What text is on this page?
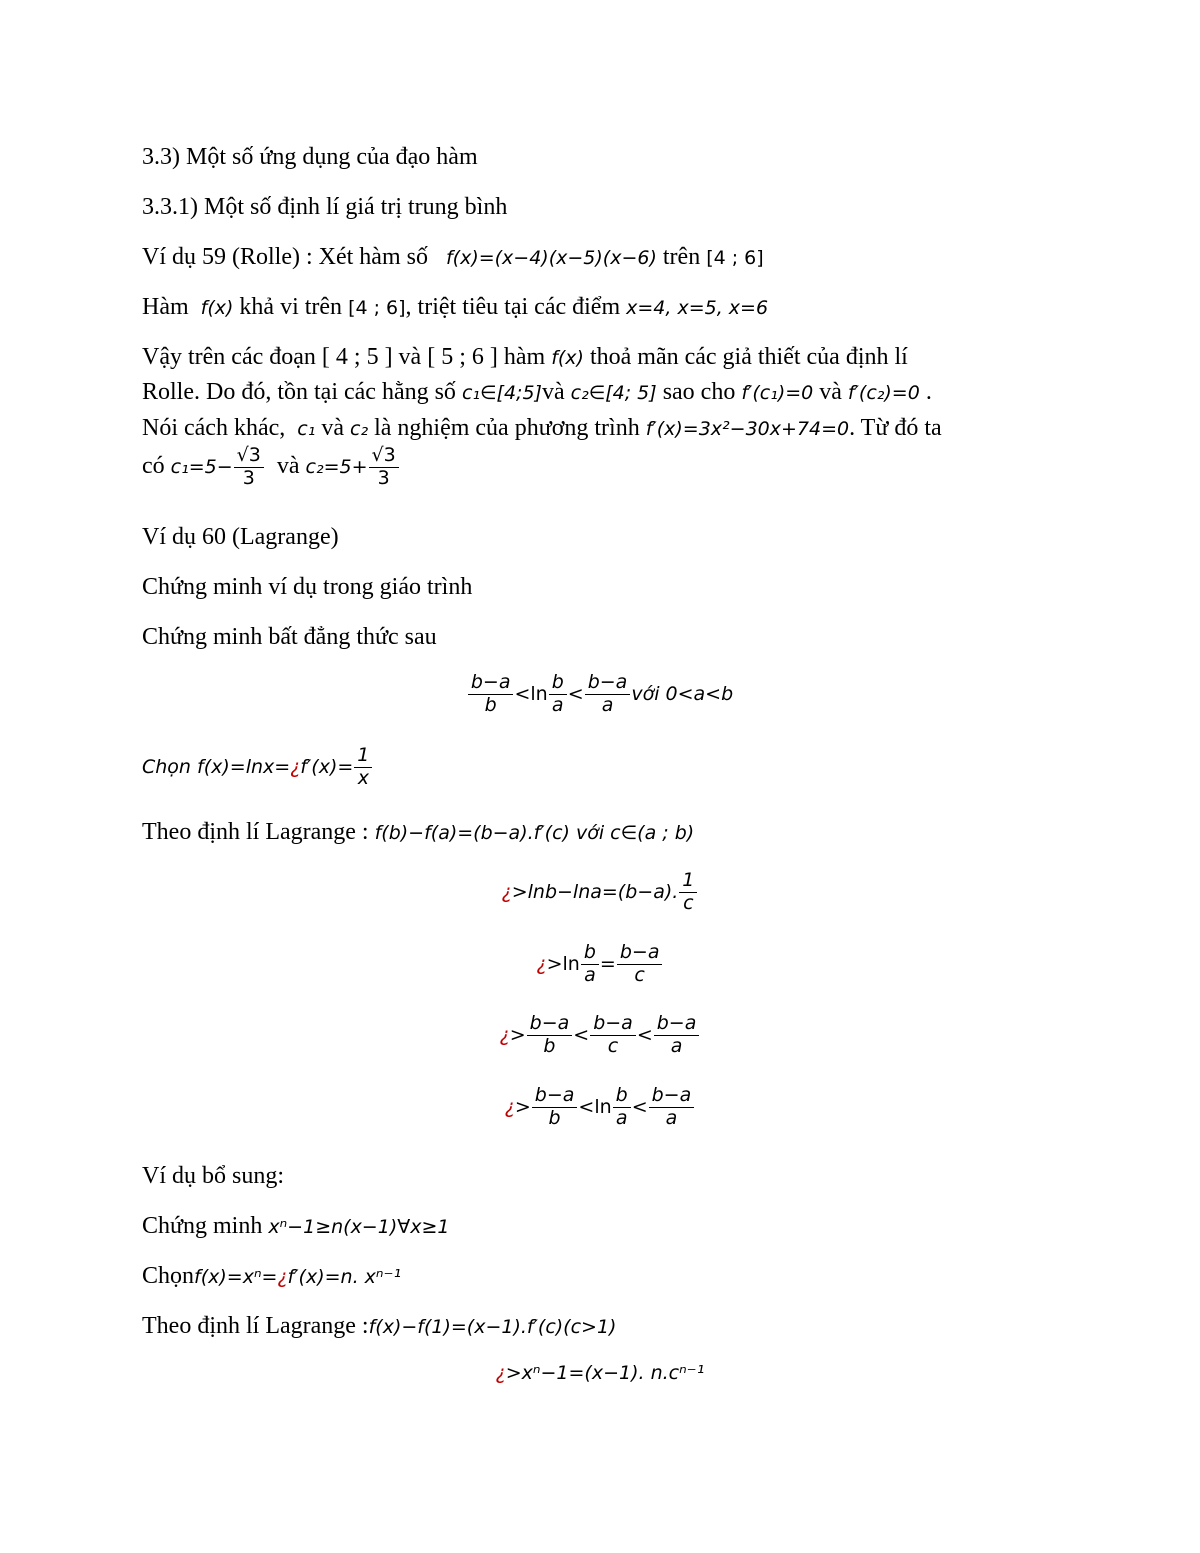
3.3) Một số ứng dụng của đạo hàm
3.3.1) Một số định lí giá trị trung bình
Ví dụ 59 (Rolle) : Xét hàm số f(x)=(x−4)(x−5)(x−6) trên [4 ; 6]
Hàm f(x) khả vi trên [4 ; 6], triệt tiêu tại các điểm x=4, x=5, x=6
Vậy trên các đoạn [ 4 ; 5 ] và [ 5 ; 6 ] hàm f(x) thoả mãn các giả thiết của định lí
Rolle. Do đó, tồn tại các hằng số c₁∈[4;5]và c₂∈[4; 5] sao cho f′(c₁)=0 và f′(c₂)=0 .
Nói cách khác, c₁ và c₂ là nghiệm của phương trình f′(x)=3x²−30x+74=0. Từ đó ta
có $c_1=5- \frac{√3}{3}$ và $c_2=5+ \frac{√3}{3}$
Ví dụ 60 (Lagrange)
Chứng minh ví dụ trong giáo trình
Chứng minh bất đẳng thức sau
$\frac{b-a}{b} <\ln \frac{b}{a} < \frac{b-a}{a}$ với 0<a<b
Chọn f(x)=lnx=¿f′(x)= $\frac{1}{x}$
Theo định lí Lagrange : f(b)−f(a)=(b−a).f′(c) với c∈(a ; b)
¿>lnb−lna=(b−a). $\frac{1}{c}$
¿$>\ln \frac{b}{a} = \frac{b-a}{c}$
¿> $\frac{b-a}{b} < \frac{b-a}{c} < \frac{b-a}{a}$
¿> $\frac{b-a}{b} <\ln \frac{b}{a} < \frac{b-a}{a}$
Ví dụ bổ sung:
Chứng minh xⁿ−1≥n(x−1)∀x≥1
Chọnf(x)=xⁿ=¿f′(x)=n. xⁿ⁻¹
Theo định lí Lagrange :f(x)−f(1)=(x−1).f′(c)(c>1)
¿>xⁿ−1=(x−1). n.cⁿ⁻¹
